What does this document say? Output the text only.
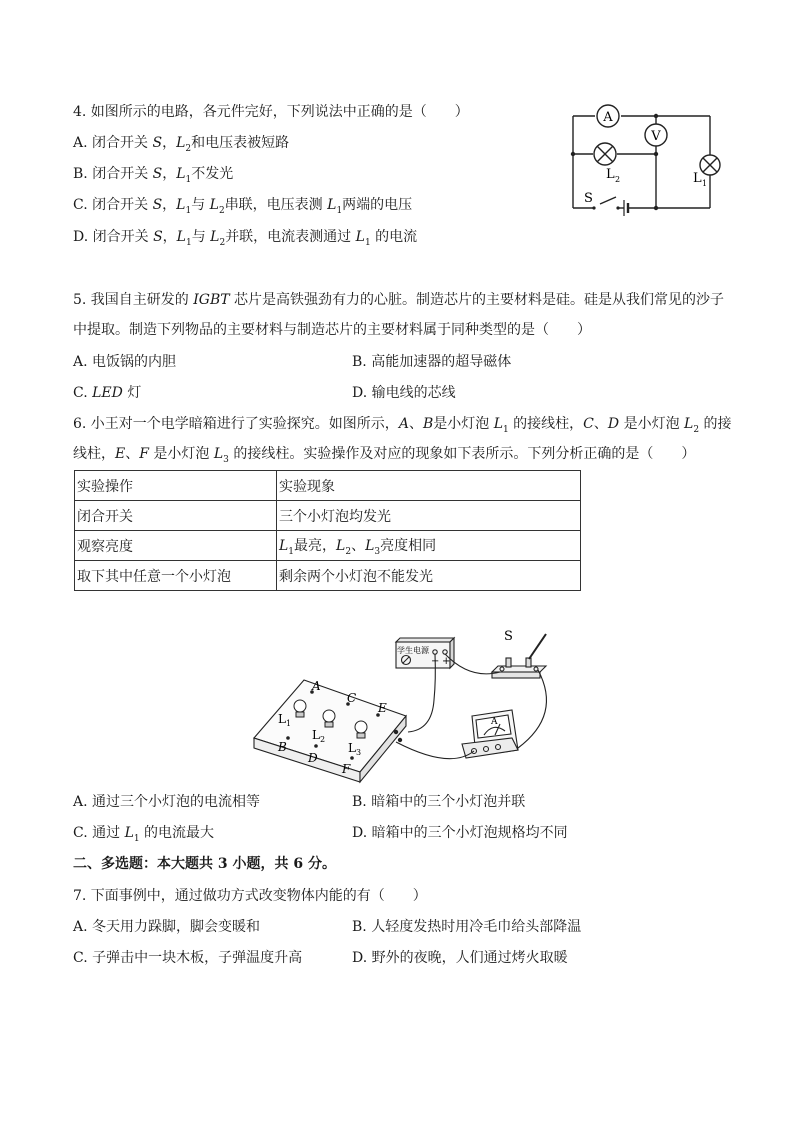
4. 如图所示的电路，各元件完好，下列说法中正确的是（　　）
A. 闭合开关 S，$L_2$和电压表被短路
B. 闭合开关 S，$L_1$不发光
C. 闭合开关 S，$L_1$与 $L_2$串联，电压表测 $L_1$两端的电压
D. 闭合开关 S，$L_1$与 $L_2$并联，电流表测通过 $L_1$ 的电流
A
V
L 2	L 1
S
5. 我国自主研发的 IGBT 芯片是高铁强劲有力的心脏。制造芯片的主要材料是硅。硅是从我们常见的沙子
中提取。制造下列物品的主要材料与制造芯片的主要材料属于同种类型的是（　　）
A. 电饭锅的内胆	B. 高能加速器的超导磁体
C. LED 灯	D. 输电线的芯线
6. 小王对一个电学暗箱进行了实验探究。如图所示，A、B是小灯泡 $L_1$ 的接线柱，C、D 是小灯泡 $L_2$ 的接
线柱，E、F 是小灯泡 $L_3$ 的接线柱。实验操作及对应的现象如下表所示。下列分析正确的是（　　）
实验操作	实验现象
闭合开关	三个小灯泡均发光
观察亮度	$L_1$最亮，$L_2$、$L_3$亮度相同
取下其中任意一个小灯泡	剩余两个小灯泡不能发光
学生电源
− +
S
A
A
B
C
D
E
F
L 1
L 2
L 3
A. 通过三个小灯泡的电流相等	B. 暗箱中的三个小灯泡并联
C. 通过 $L_1$ 的电流最大	D. 暗箱中的三个小灯泡规格均不同
二、多选题：本大题共 3 小题，共 6 分。
7. 下面事例中，通过做功方式改变物体内能的有（　　）
A. 冬天用力跺脚，脚会变暖和	B. 人轻度发热时用冷毛巾给头部降温
C. 子弹击中一块木板，子弹温度升高	D. 野外的夜晚，人们通过烤火取暖
